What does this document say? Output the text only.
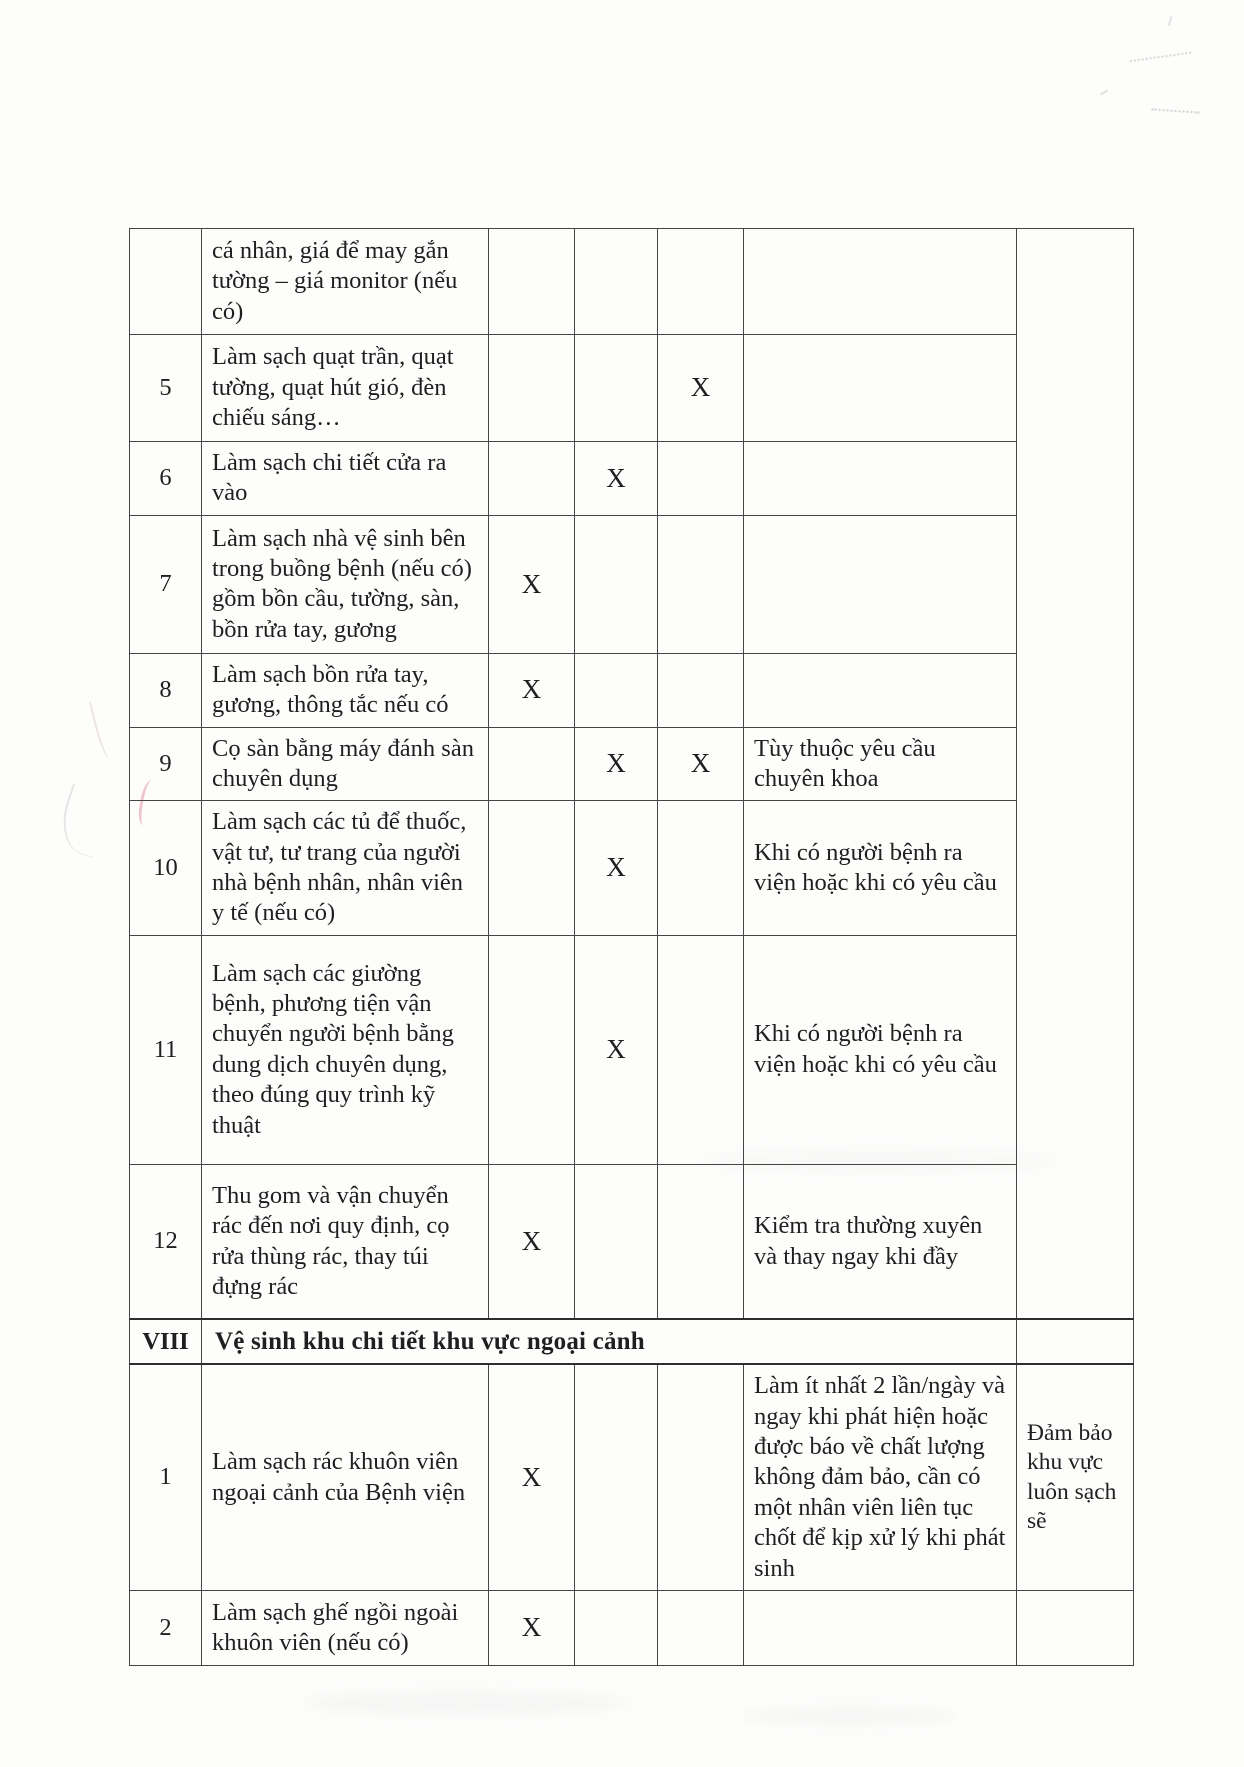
	cá nhân, giá để may gắn tường – giá monitor (nếu có)					
5	Làm sạch quạt trần, quạt tường, quạt hút gió, đèn chiếu sáng…			X		
6	Làm sạch chi tiết cửa ra vào		X			
7	Làm sạch nhà vệ sinh bên trong buồng bệnh (nếu có) gồm bồn cầu, tường, sàn, bồn rửa tay, gương	X				
8	Làm sạch bồn rửa tay, gương, thông tắc nếu có	X				
9	Cọ sàn bằng máy đánh sàn chuyên dụng		X	X	Tùy thuộc yêu cầu chuyên khoa	
10	Làm sạch các tủ để thuốc, vật tư, tư trang của người nhà bệnh nhân, nhân viên y tế (nếu có)		X		Khi có người bệnh ra viện hoặc khi có yêu cầu	
11	Làm sạch các giường bệnh, phương tiện vận chuyển người bệnh bằng dung dịch chuyên dụng, theo đúng quy trình kỹ thuật		X		Khi có người bệnh ra viện hoặc khi có yêu cầu	
12	Thu gom và vận chuyển rác đến nơi quy định, cọ rửa thùng rác, thay túi đựng rác	X			Kiểm tra thường xuyên và thay ngay khi đầy	
VIII	Vệ sinh khu chi tiết khu vực ngoại cảnh					
1	Làm sạch rác khuôn viên ngoại cảnh của Bệnh viện	X			Làm ít nhất 2 lần/ngày và ngay khi phát hiện hoặc được báo về chất lượng không đảm bảo, cần có một nhân viên liên tục chốt để kịp xử lý khi phát sinh	Đảm bảo khu vực luôn sạch sẽ
2	Làm sạch ghế ngồi ngoài khuôn viên (nếu có)	X				
